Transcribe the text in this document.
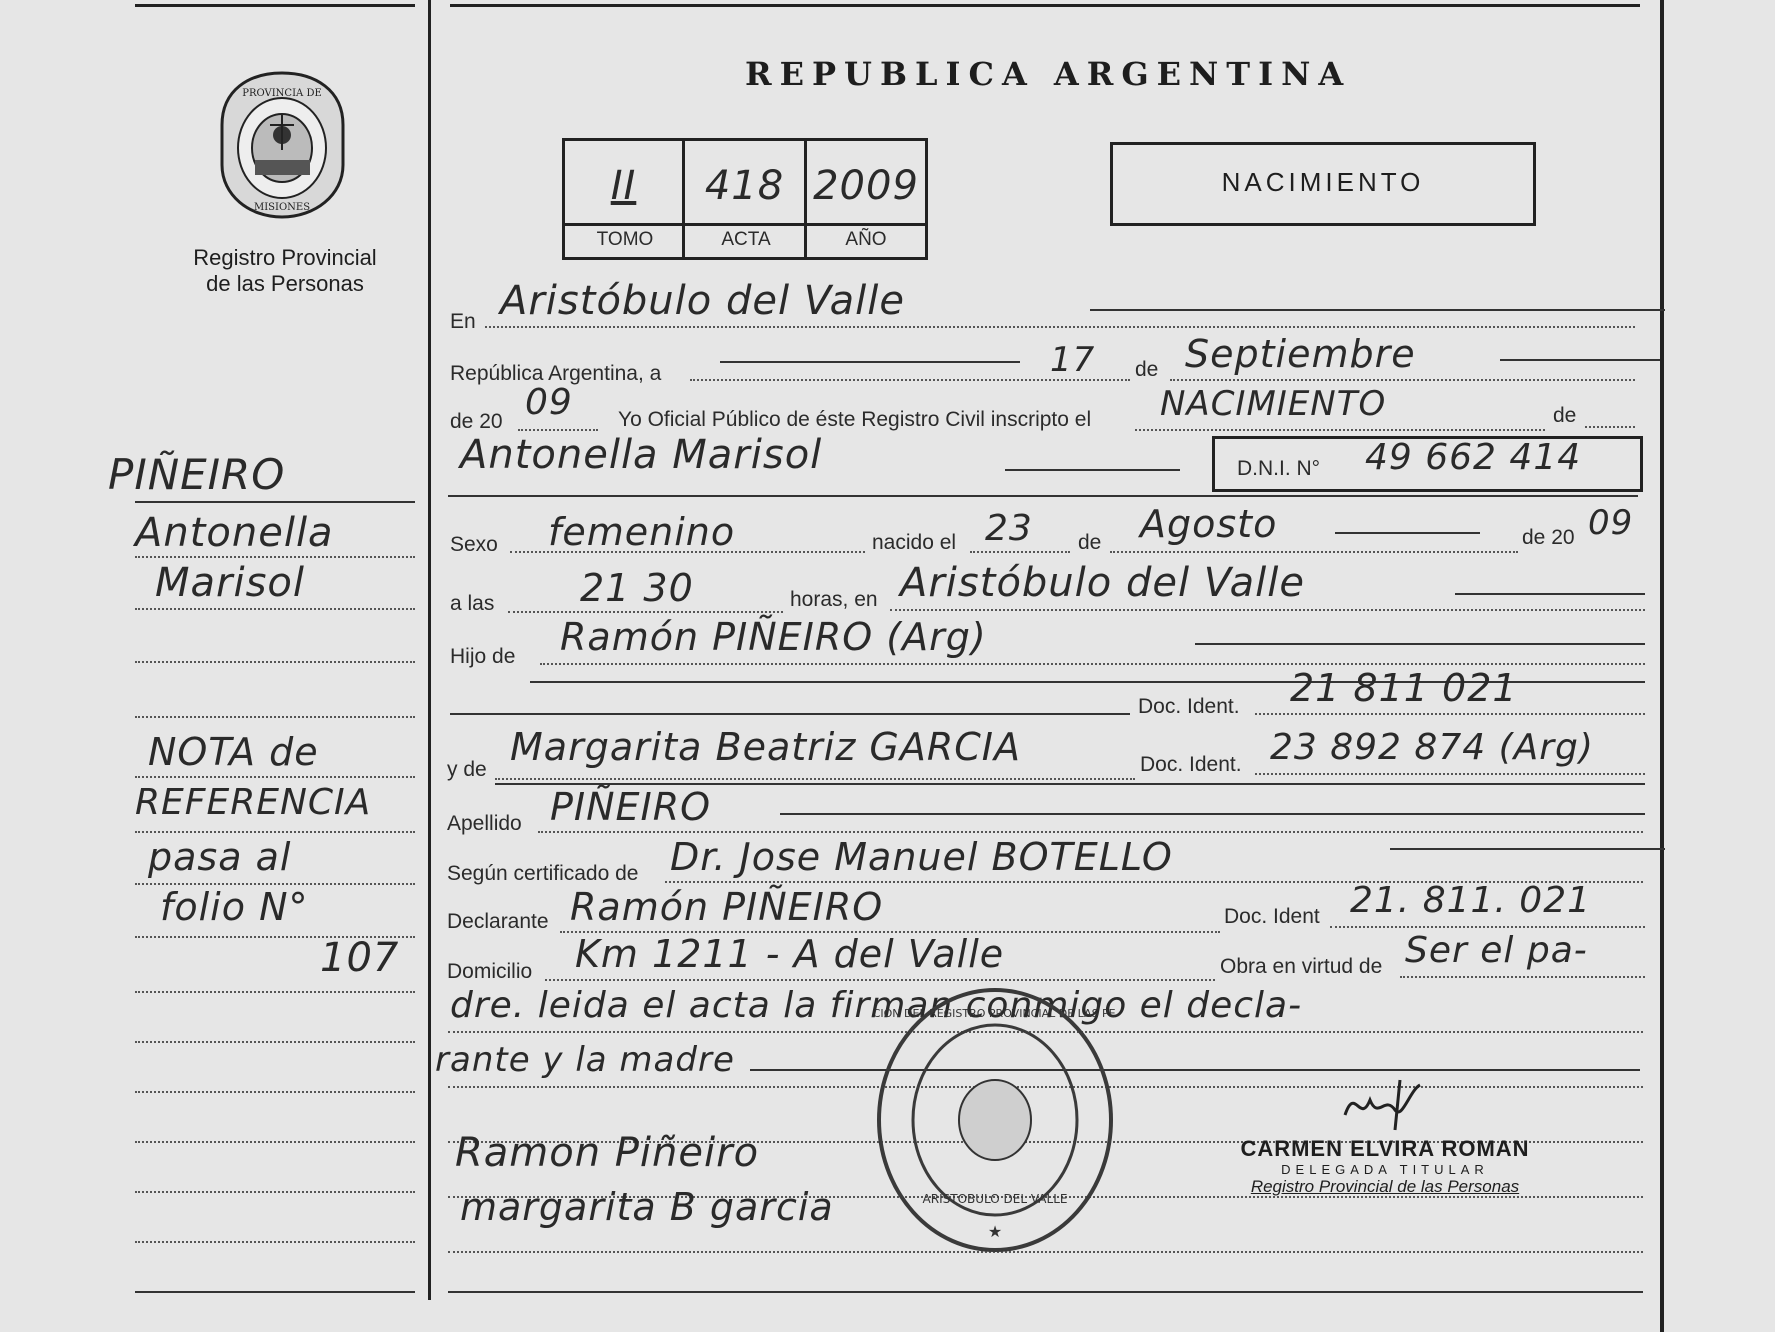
PROVINCIA DE
MISIONES
Registro Provincial
de las Personas
REPUBLICA ARGENTINA
II	418 2009
TOMO	ACTA	AÑO
NACIMIENTO
En Aristóbulo del Valle
República Argentina, a	17 de Septiembre
de 20 09 Yo Oficial Público de éste Registro Civil inscripto el NACIMIENTO	de
Antonella Marisol	D.N.I. N° 49 662 414
Sexo femenino	nacido el 23 de Agosto	de 20 09
a las 21 30	horas, en Aristóbulo del Valle
Hijo de Ramón PIÑEIRO (Arg)
Doc. Ident. 21 811 021
y de
Margarita Beatriz GARCIA	Doc. Ident. 23 892 874 (Arg)
Apellido PIÑEIRO
Según certificado de Dr. Jose Manuel BOTELLO
Declarante Ramón PIÑEIRO	Doc. Ident 21. 811. 021
Domicilio Km 1211 - A del Valle	Obra en virtud de Ser el pa-
dre. leida el acta la firman conmigo el decla-
rante y la madre
Ramon Piñeiro
margarita B garcia
CION DEL REGISTRO PROVINCIAL DE LAS PE
ARISTOBULO DEL VALLE
★
CARMEN ELVIRA ROMAN
DELEGADA TITULAR
Registro Provincial de las Personas
PIÑEIRO
Antonella
Marisol
NOTA de
REFERENCIA
pasa al
folio N°
107
